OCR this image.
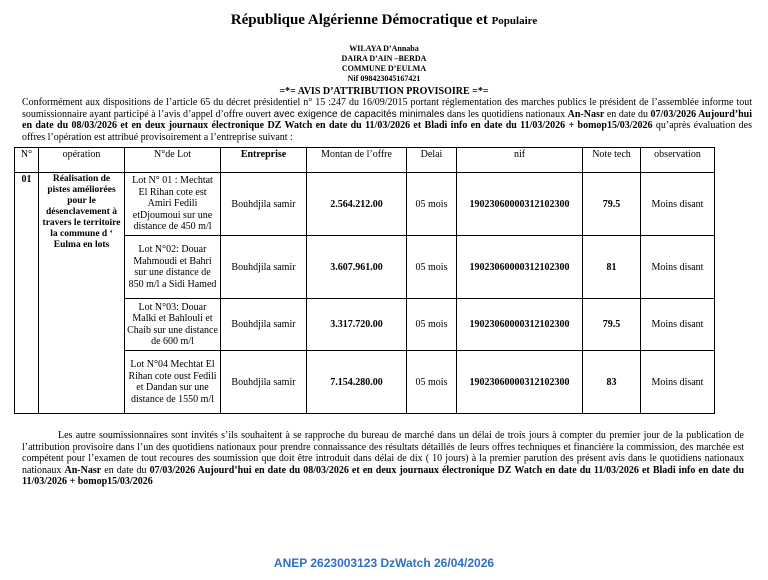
République Algérienne Démocratique et Populaire
WILAYA D’Annaba
DAIRA D’AIN –BERDA
COMMUNE D’EULMA
Nif 098423045167421
=*= AVIS D’ATTRIBUTION PROVISOIRE =*=
Conformément aux dispositions de l’article 65 du décret présidentiel n° 15 :247 du 16/09/2015 portant réglementation des marches publics le président de l’assemblée informe tout soumissionnaire ayant participé à l’avis d’appel d’offre ouvert avec exigence de capacités minimales dans les quotidiens nationaux An-Nasr en date du 07/03/2026 Aujourd’hui en date du 08/03/2026 et en deux journaux électronique DZ Watch en date du 11/03/2026 et Bladi info en date du 11/03/2026 + bomop15/03/2026 qu’après évaluation des offres l’opération est attribué provisoirement a l’entreprise suivant :
N°	opération	N°de Lot	Entreprise	Montan de l’offre	Delai	nif	Note tech	observation
01	Réalisation de pistes améliorées pour le désenclavement à travers le territoire la commune d ‘ Eulma en lots	Lot N° 01 : Mechtat El Rihan cote est Amiri Fedili etDjoumoui sur une distance de 450 m/l	Bouhdjila samir	2.564.212.00	05 mois	19023060000312102300	79.5	Moins disant
		Lot N°02: Douar Mahmoudi et Bahri sur une distance de 850 m/l a Sidi Hamed	Bouhdjila samir	3.607.961.00	05 mois	19023060000312102300	81	Moins disant
		Lot N°03: Douar Malki et Bahlouli et Chaib sur une distance de 600 m/l	Bouhdjila samir	3.317.720.00	05 mois	19023060000312102300	79.5	Moins disant
		Lot N°04 Mechtat El Rihan cote oust Fedili et Dandan sur une distance de 1550 m/l	Bouhdjila samir	7.154.280.00	05 mois	19023060000312102300	83	Moins disant
Les autre soumissionnaires sont invités s’ils souhaitent à se rapproche du bureau de marché dans un délai de trois jours à compter du premier jour de la publication de l’attribution provisoire dans l’un des quotidiens nationaux pour prendre connaissance des résultats détaillés de leurs offres techniques et financière la commission, des marchée est compétent pour l’examen de tout recoures des soumission que doit être introduit dans délai de dix ( 10 jours) à la premier parution des présent avis dans le quotidiens nationaux nationaux An-Nasr en date du 07/03/2026 Aujourd’hui en date du 08/03/2026 et en deux journaux électronique DZ Watch en date du 11/03/2026 et Bladi info en date du 11/03/2026 + bomop15/03/2026
ANEP 2623003123 DzWatch 26/04/2026
